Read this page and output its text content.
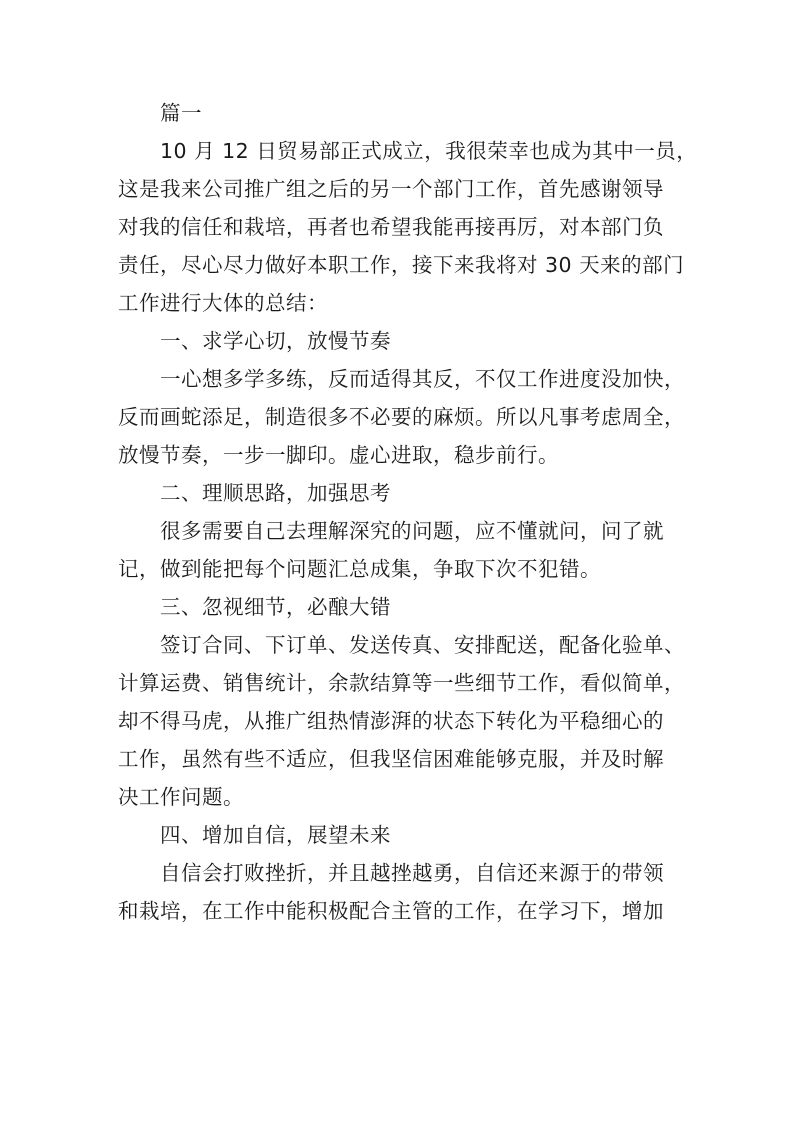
篇一
10 月 12 日贸易部正式成立，我很荣幸也成为其中一员，
这是我来公司推广组之后的另一个部门工作，首先感谢领导
对我的信任和栽培，再者也希望我能再接再厉，对本部门负
责任，尽心尽力做好本职工作，接下来我将对 30 天来的部门
工作进行大体的总结：
一、求学心切，放慢节奏
一心想多学多练，反而适得其反，不仅工作进度没加快，
反而画蛇添足，制造很多不必要的麻烦。所以凡事考虑周全，
放慢节奏，一步一脚印。虚心进取，稳步前行。
二、理顺思路，加强思考
很多需要自己去理解深究的问题，应不懂就问，问了就
记，做到能把每个问题汇总成集，争取下次不犯错。
三、忽视细节，必酿大错
签订合同、下订单、发送传真、安排配送，配备化验单、
计算运费、销售统计，余款结算等一些细节工作，看似简单，
却不得马虎，从推广组热情澎湃的状态下转化为平稳细心的
工作，虽然有些不适应，但我坚信困难能够克服，并及时解
决工作问题。
四、增加自信，展望未来
自信会打败挫折，并且越挫越勇，自信还来源于的带领
和栽培，在工作中能积极配合主管的工作，在学习下，增加
